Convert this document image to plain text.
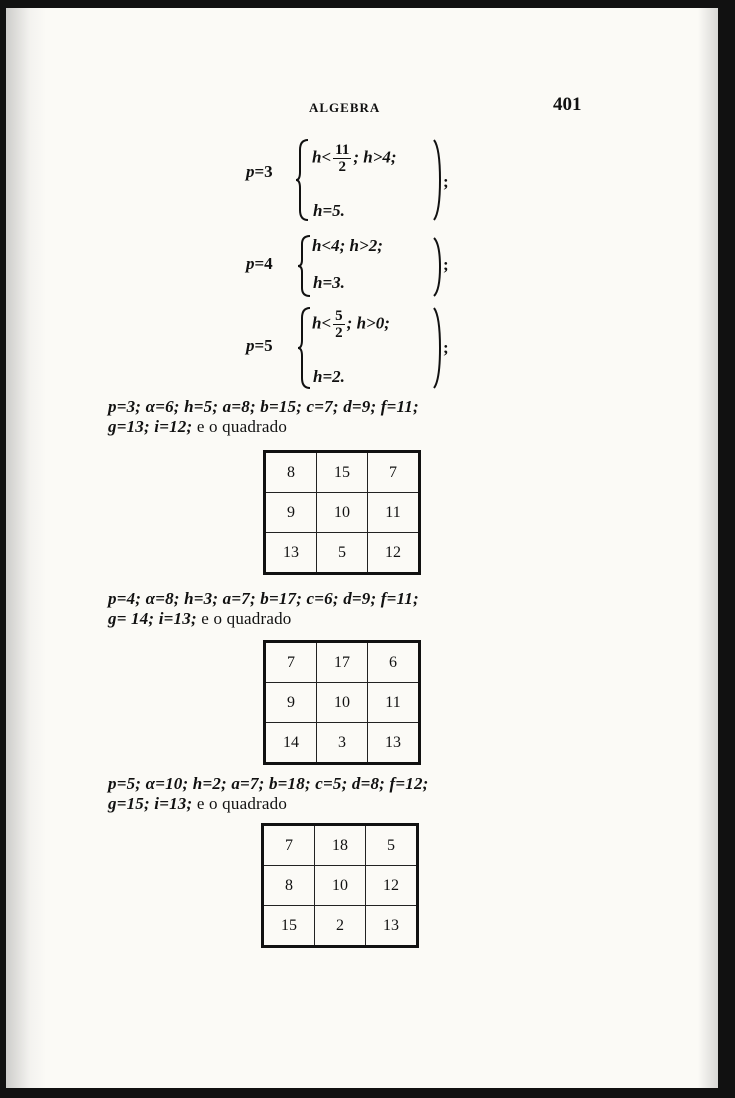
ALGEBRA	401
p=3
$h< \frac{11}{2}$ ; h>4;
h=5.
;
p=4
h<4; h>2;
h=3.
;
p=5
$h< \frac{5}{2}$ ; h>0;
h=2.
;
p=3; α=6; h=5; a=8; b=15; c=7; d=9; f=11;
g=13; i=12; e o quadrado
8	15	7
9	10	11
13	5	12
p=4; α=8; h=3; a=7; b=17; c=6; d=9; f=11;
g= 14; i=13; e o quadrado
7	17	6
9	10	11
14	3	13
p=5; α=10; h=2; a=7; b=18; c=5; d=8; f=12;
g=15; i=13; e o quadrado
7	18	5
8	10	12
15	2	13
